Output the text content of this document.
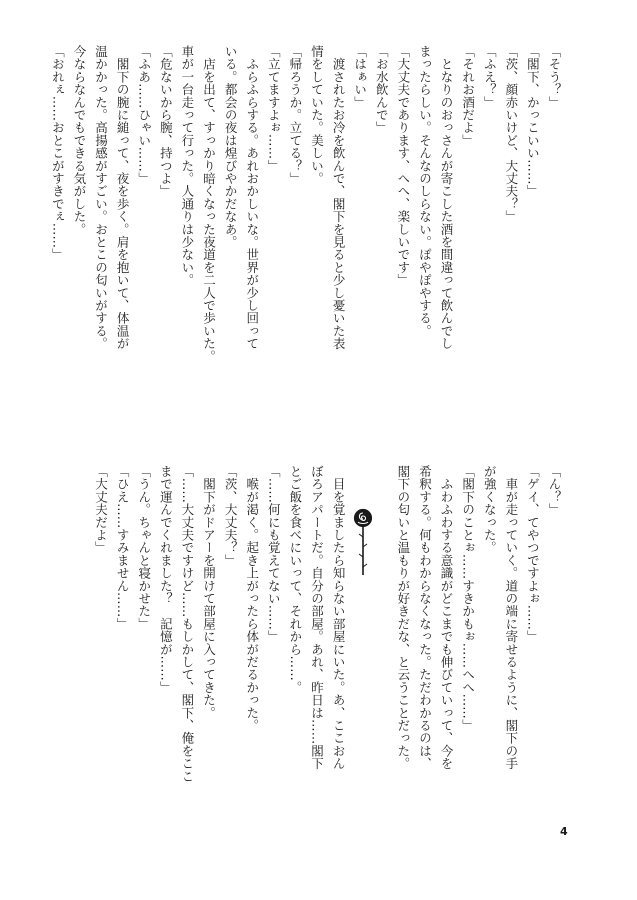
「そう？」

「閣下、かっこいい……」

「茨、顔赤いけど、大丈夫？」

「ふえ？」

「それお酒だよ」

　となりのおっさんが寄こした酒を間違って飲んでし

まったらしい。そんなのしらない。ぽやぽやする。

「大丈夫であります、へへ、楽しいです」

「お水飲んで」

「はぁい」

　渡されたお冷を飲んで、閣下を見ると少し憂いた表

情をしていた。美しい。

「帰ろうか。立てる？」

「立てますよぉ……」

　ふらふらする。あれおかしいな。世界が少し回って

いる。都会の夜は煌びやかだなあ。

　店を出て、すっかり暗くなった夜道を二人で歩いた。

車が一台走って行った。人通りは少ない。

「危ないから腕、持つよ」

「ふあ……ひゃい……」

　閣下の腕に縋って、夜を歩く。肩を抱いて、体温が

温かかった。高揚感がすごい。おとこの匂いがする。

今ならなんでもできる気がした。

「おれぇ……おとこがすきでぇ……」

「ん？」

「ゲイ、てやつですよぉ……」

　車が走っていく。道の端に寄せるように、閣下の手

が強くなった。

「閣下のことぉ……すきかもぉ……へへ……」

　ふわふわする意識がどこまでも伸びていって、今を

希釈する。何もわからなくなった。ただわかるのは、

閣下の匂いと温もりが好きだな、と云うことだった。

　目を覚ましたら知らない部屋にいた。あ、ここおん

ぼろアパートだ。自分の部屋。あれ、昨日は……閣下

とご飯を食べにいって、それから……。

「……何にも覚えてない……」

　喉が渇く。起き上がったら体がだるかった。

「茨、大丈夫？」

　閣下がドアーを開けて部屋に入ってきた。

「……大丈夫ですけど……もしかして、閣下、俺をここ

まで運んでくれました？　記憶が……」

「うん。ちゃんと寝かせた」

「ひえ……すみません……」

「大丈夫だよ」

4
